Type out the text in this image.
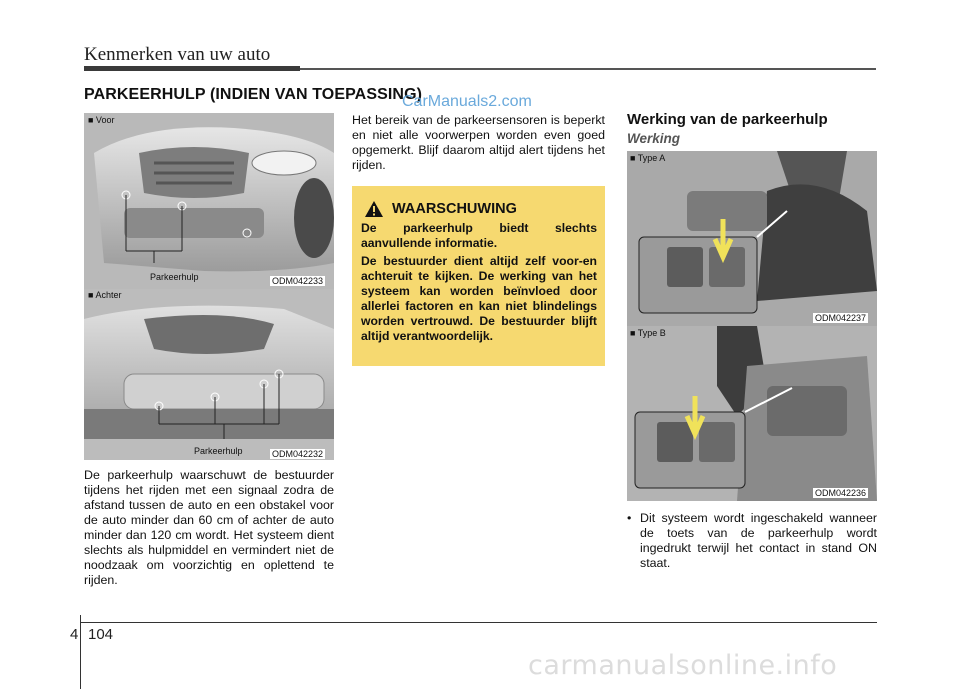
Kenmerken van uw auto
PARKEERHULP (INDIEN VAN TOEPASSING)
CarManuals2.com
■ Voor
Parkeerhulp	ODM042233
■ Achter
Parkeerhulp	ODM042232
De parkeerhulp waarschuwt de bestuurder tijdens het rijden met een signaal zodra de afstand tussen de auto en een obstakel voor de auto minder dan 60 cm of achter de auto minder dan 120 cm wordt. Het systeem dient slechts als hulpmiddel en vermindert niet de noodzaak om voorzichtig en oplettend te rijden.
Het bereik van de parkeersensoren is beperkt en niet alle voorwerpen worden even goed opgemerkt. Blijf daarom altijd alert tijdens het rijden.
WAARSCHUWING
De parkeerhulp biedt slechts aanvullende informatie.
De bestuurder dient altijd zelf voor-en achteruit te kijken. De werking van het systeem kan worden beïnvloed door allerlei factoren en kan niet blindelings worden vertrouwd. De bestuurder blijft altijd verantwoordelijk.
Werking van de parkeerhulp
Werking
■ Type A
ODM042237
■ Type B
ODM042236
• Dit systeem wordt ingeschakeld wanneer de toets van de parkeerhulp wordt ingedrukt terwijl het contact in stand ON staat.
4 104
carmanualsonline.info
